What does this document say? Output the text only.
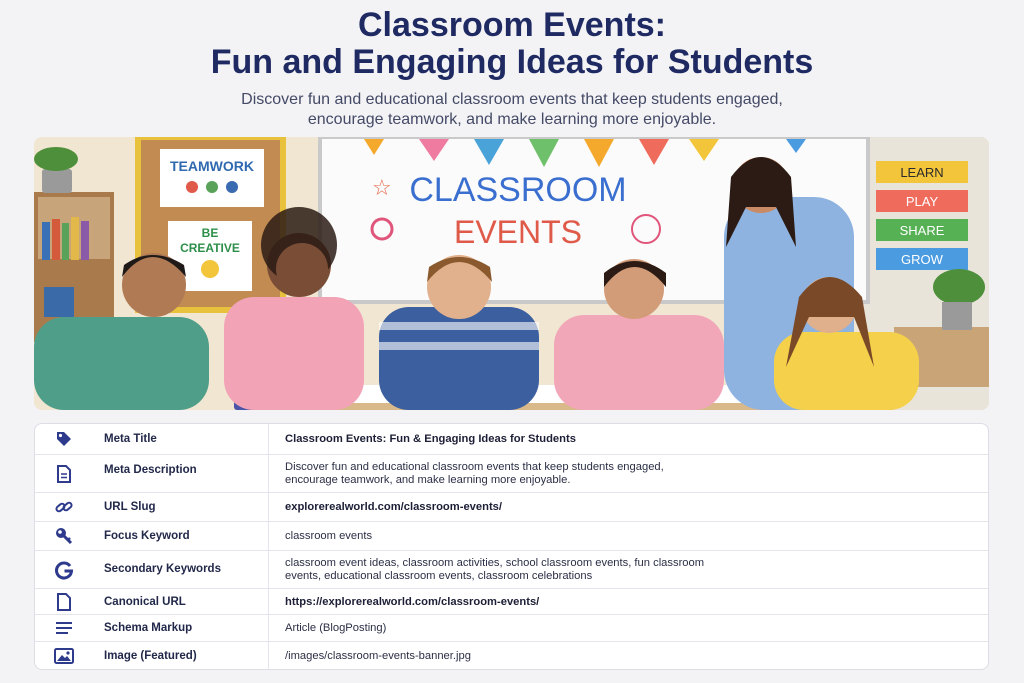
Classroom Events:
Fun and Engaging Ideas for Students
Discover fun and educational classroom events that keep students engaged,
encourage teamwork, and make learning more enjoyable.
TEAMWORK
BE
CREATIVE
CLASSROOM
EVENTS
☆
LEARN
PLAY
SHARE
GROW
Meta Title	Classroom Events: Fun & Engaging Ideas for Students
Meta Description	Discover fun and educational classroom events that keep students engaged,
encourage teamwork, and make learning more enjoyable.
URL Slug	explorerealworld.com/classroom-events/
Focus Keyword	classroom events
Secondary Keywords	classroom event ideas, classroom activities, school classroom events, fun classroom
events, educational classroom events, classroom celebrations
Canonical URL	https://explorerealworld.com/classroom-events/
Schema Markup	Article (BlogPosting)
Image (Featured)	/images/classroom-events-banner.jpg
